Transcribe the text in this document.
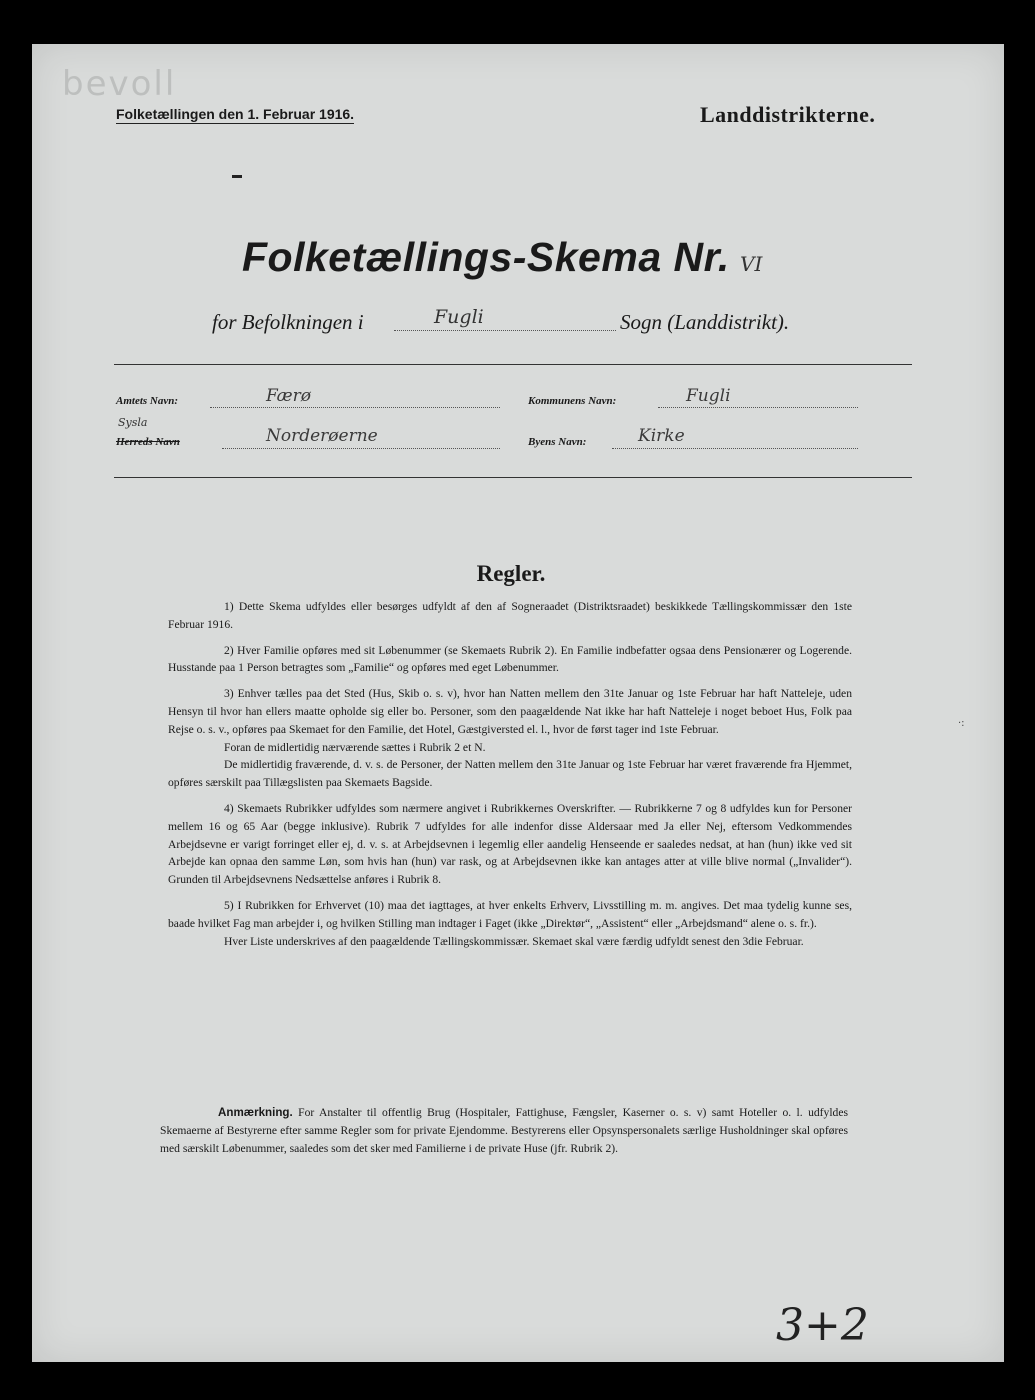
bevoll
Folketællingen den 1. Februar 1916.	Landdistrikterne.
Folketællings-Skema Nr. VI
for Befolkningen i	Fugli	Sogn (Landdistrikt).
Amtets Navn:	Færø	Kommunens Navn:	Fugli
Sysla
Herreds Navn	Norderøerne	Byens Navn:	Kirke
Regler.

1) Dette Skema udfyldes eller besørges udfyldt af den af Sogneraadet (Distriktsraadet) beskikkede Tællingskommissær den 1ste Februar 1916.

2) Hver Familie opføres med sit Løbenummer (se Skemaets Rubrik 2). En Familie indbefatter ogsaa dens Pensionærer og Logerende. Husstande paa 1 Person betragtes som „Familie“ og opføres med eget Løbenummer.

3) Enhver tælles paa det Sted (Hus, Skib o. s. v), hvor han Natten mellem den 31te Januar og 1ste Februar har haft Natteleje, uden Hensyn til hvor han ellers maatte opholde sig eller bo. Personer, som den paagældende Nat ikke har haft Natteleje i noget beboet Hus, Folk paa Rejse o. s. v., opføres paa Skemaet for den Familie, det Hotel, Gæstgiversted el. l., hvor de først tager ind 1ste Februar.

Foran de midlertidig nærværende sættes i Rubrik 2 et N.

De midlertidig fraværende, d. v. s. de Personer, der Natten mellem den 31te Januar og 1ste Februar har været fraværende fra Hjemmet, opføres særskilt paa Tillægslisten paa Skemaets Bagside.

4) Skemaets Rubrikker udfyldes som nærmere angivet i Rubrikkernes Overskrifter. — Rubrikkerne 7 og 8 udfyldes kun for Personer mellem 16 og 65 Aar (begge inklusive). Rubrik 7 udfyldes for alle indenfor disse Aldersaar med Ja eller Nej, eftersom Vedkommendes Arbejdsevne er varigt forringet eller ej, d. v. s. at Arbejdsevnen i legemlig eller aandelig Henseende er saaledes nedsat, at han (hun) ikke ved sit Arbejde kan opnaa den samme Løn, som hvis han (hun) var rask, og at Arbejdsevnen ikke kan antages atter at ville blive normal („Invalider“). Grunden til Arbejdsevnens Nedsættelse anføres i Rubrik 8.

5) I Rubrikken for Erhvervet (10) maa det iagttages, at hver enkelts Erhverv, Livsstilling m. m. angives. Det maa tydelig kunne ses, baade hvilket Fag man arbejder i, og hvilken Stilling man indtager i Faget (ikke „Direktør“, „Assistent“ eller „Arbejdsmand“ alene o. s. fr.).

Hver Liste underskrives af den paagældende Tællingskommissær. Skemaet skal være færdig udfyldt senest den 3die Februar.

Anmærkning. For Anstalter til offentlig Brug (Hospitaler, Fattighuse, Fængsler, Kaserner o. s. v) samt Hoteller o. l. udfyldes Skemaerne af Bestyrerne efter samme Regler som for private Ejendomme. Bestyrerens eller Opsynspersonalets særlige Husholdninger skal opføres med særskilt Løbenummer, saaledes som det sker med Familierne i de private Huse (jfr. Rubrik 2).

·:
3+2
